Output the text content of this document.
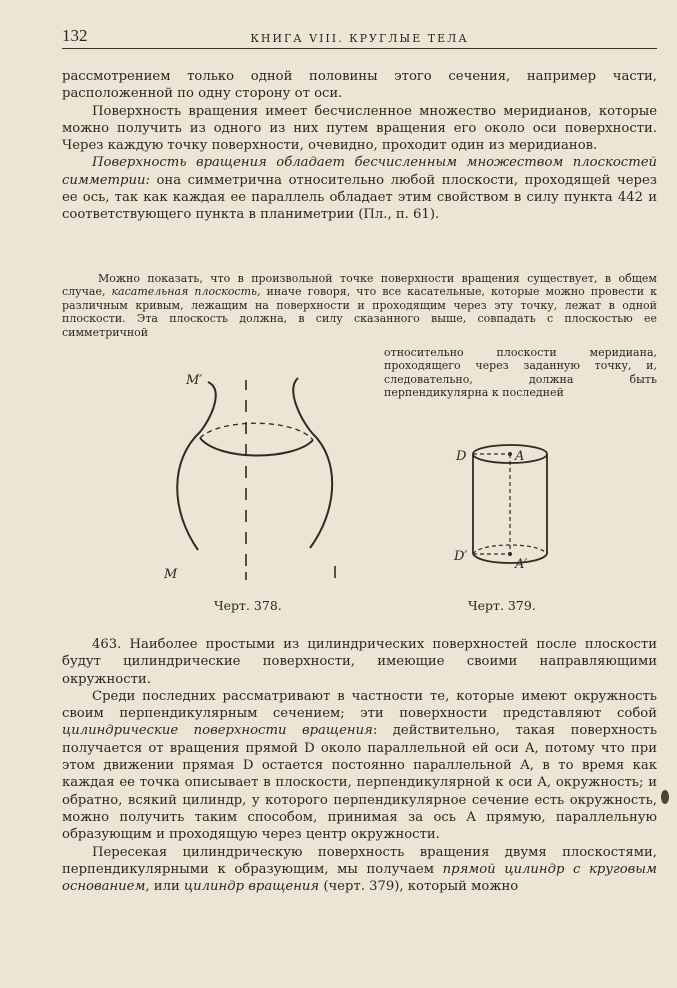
132	КНИГА VIII. КРУГЛЫЕ ТЕЛА

рассмотрением только одной половины этого сечения, например части, расположенной по одну сторону от оси.

Поверхность вращения имеет бесчисленное множество меридианов, которые можно получить из одного из них путем вращения его около оси поверхности. Через каждую точку поверхности, очевидно, проходит один из меридианов.

Поверхность вращения обладает бесчисленным множеством плоскостей симметрии: она симметрична относительно любой плоскости, проходящей через ее ось, так как каждая ее параллель обладает этим свойством в силу пункта 442 и соответствующего пункта в планиметрии (Пл., п. 61).

Можно показать, что в произвольной точке поверхности вращения существует, в общем случае, касательная плоскость, иначе говоря, что все касательные, которые можно провести к различным кривым, лежащим на поверхности и проходящим через эту точку, лежат в одной плоскости. Эта плоскость должна, в силу сказанного выше, совпадать с плоскостью ее симметричной

относительно плоскости меридиана, проходящего через заданную точку, и, следовательно, должна быть перпендикулярна к последней
M′
M
Черт. 378.
D	A
D′
A′
Черт. 379.

463. Наиболее простыми из цилиндрических поверхностей после плоскости будут цилиндрические поверхности, имеющие своими направляющими окружности.

Среди последних рассматривают в частности те, которые имеют окружность своим перпендикулярным сечением; эти поверхности представляют собой цилиндрические поверхности вращения: действительно, такая поверхность получается от вращения прямой D около параллельной ей оси A, потому что при этом движении прямая D остается постоянно параллельной A, в то время как каждая ее точка описывает в плоскости, перпендикулярной к оси A, окружность; и обратно, всякий цилиндр, у которого перпендикулярное сечение есть окружность, можно получить таким способом, принимая за ось A прямую, параллельную образующим и проходящую через центр окружности.

Пересекая цилиндрическую поверхность вращения двумя плоскостями, перпендикулярными к образующим, мы получаем прямой цилиндр с круговым основанием, или цилиндр вращения (черт. 379), который можно
